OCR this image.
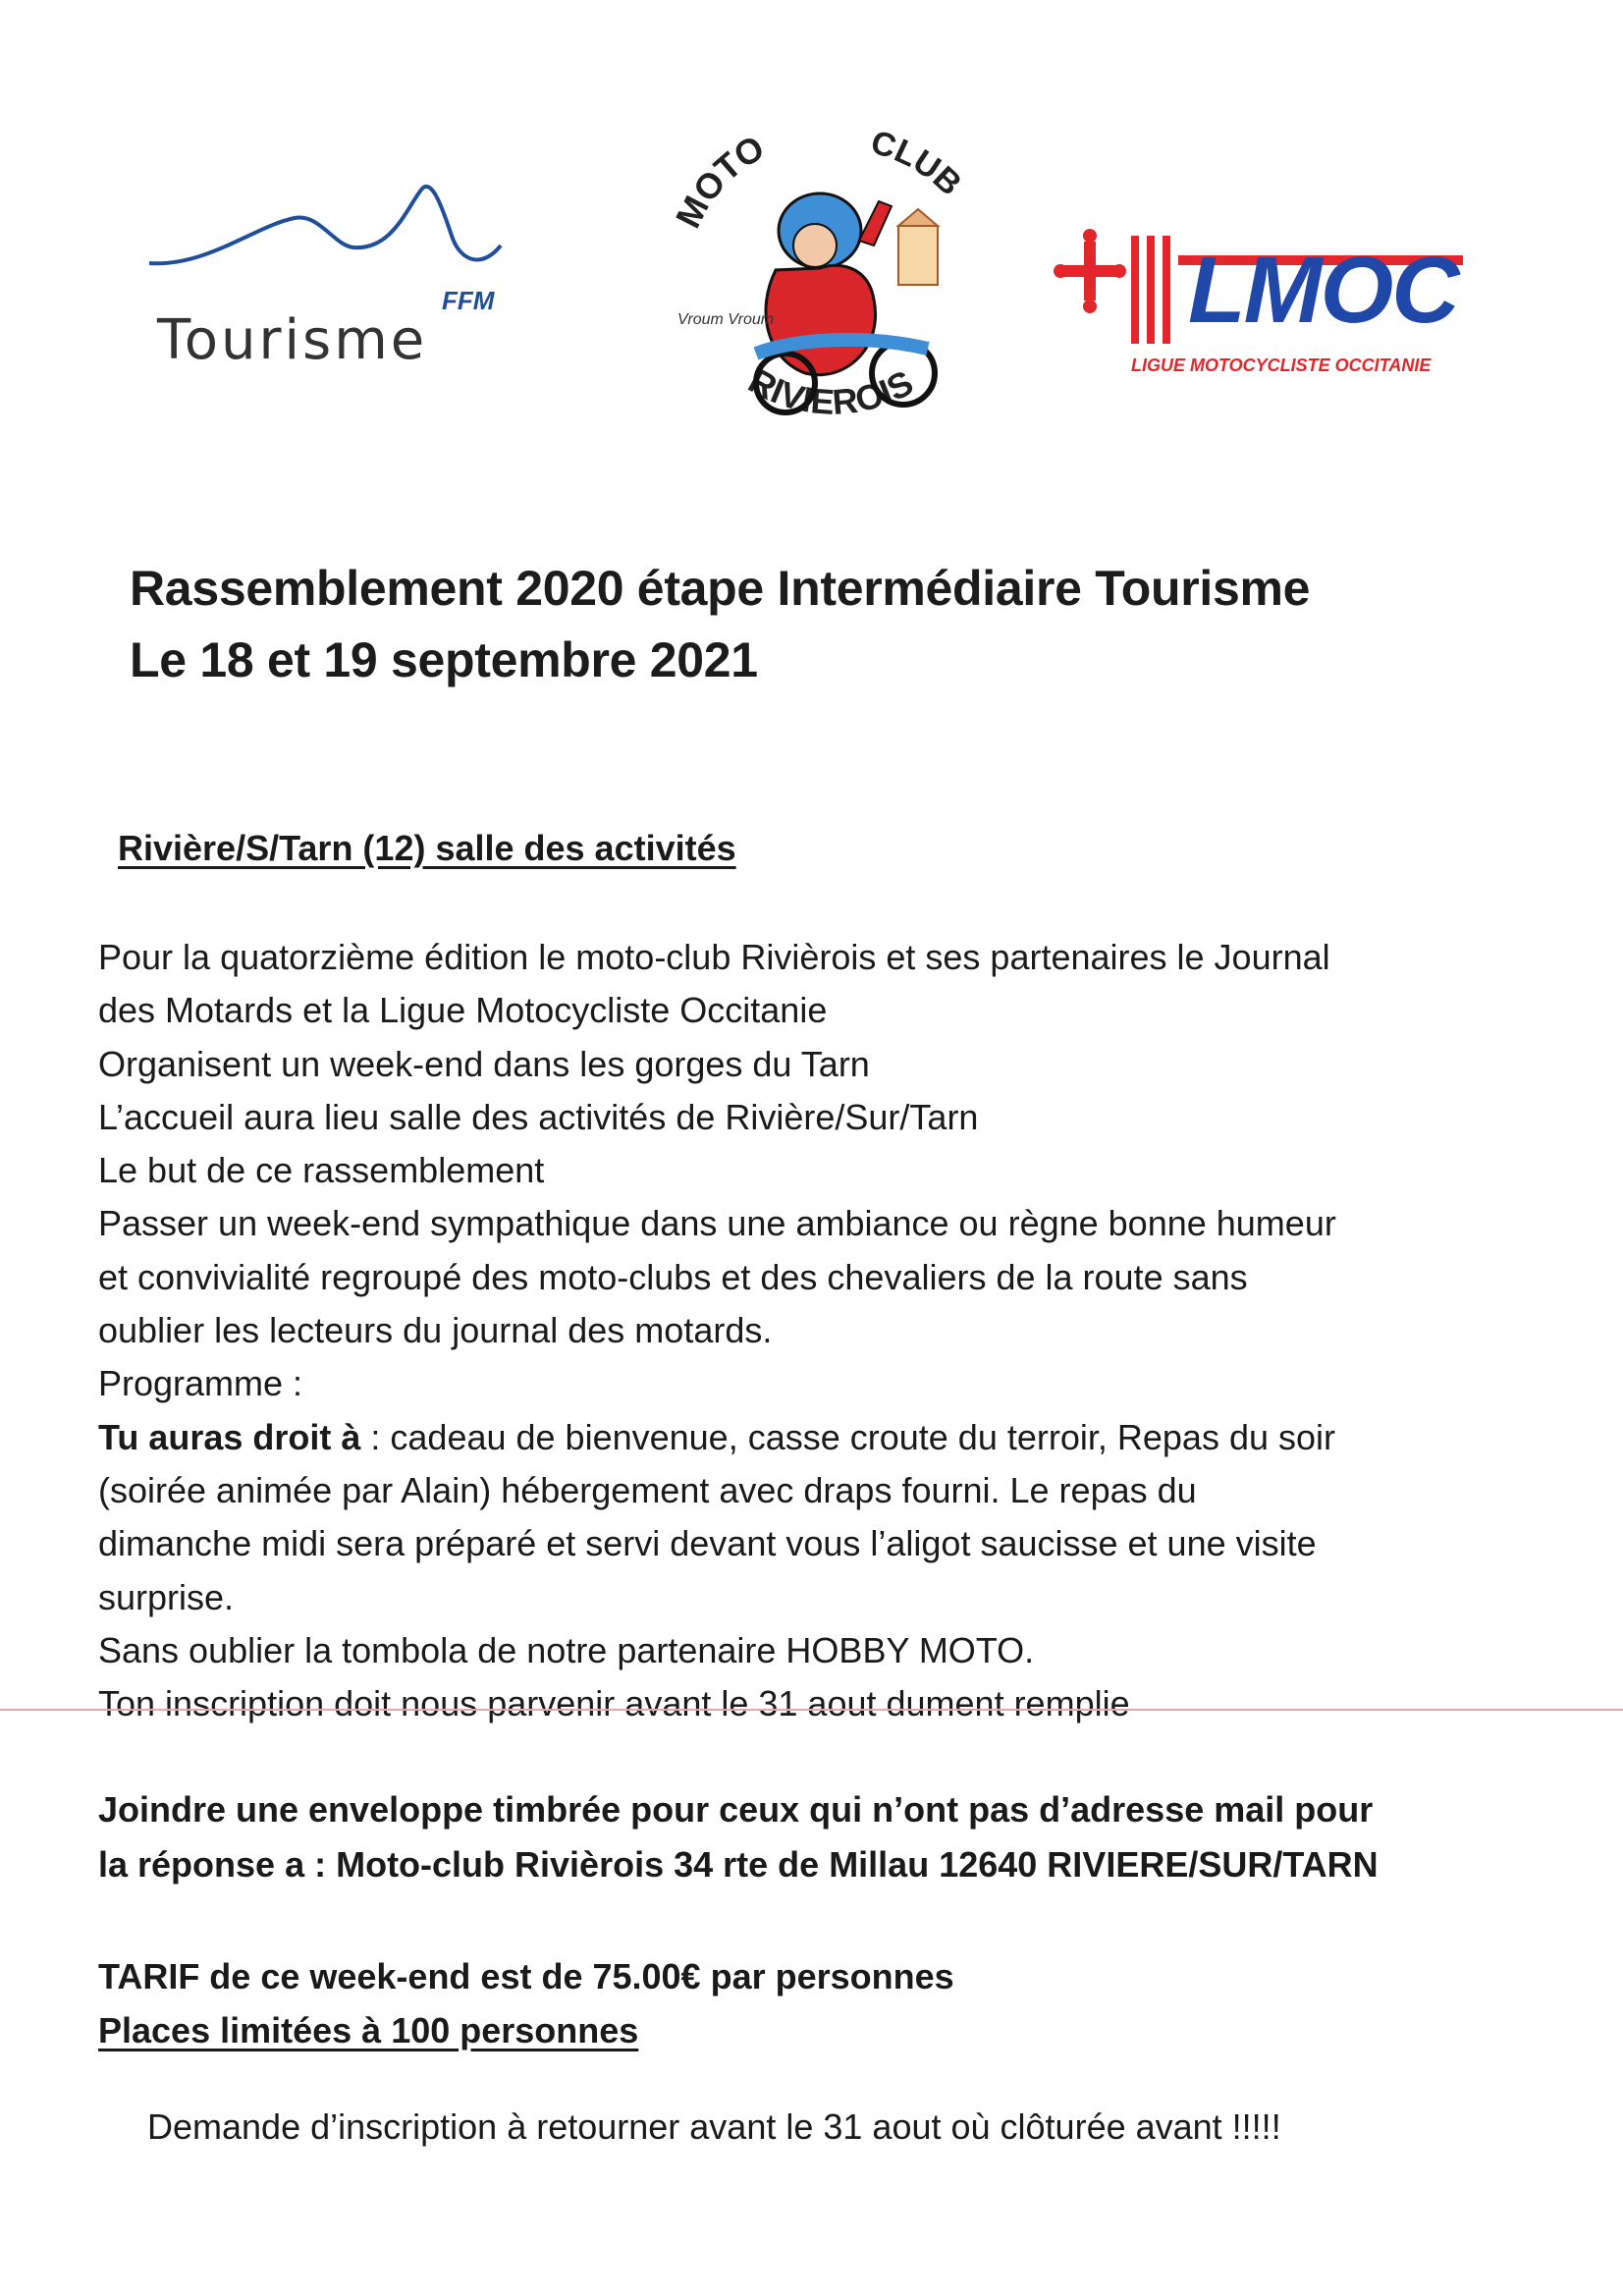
FFM
Tourisme
MOTO	CLUB
RIVIEROIS
Vroum Vroum	LMOC
LIGUE MOTOCYCLISTE OCCITANIE
Rassemblement 2020 étape Intermédiaire Tourisme
Le 18 et 19 septembre 2021
Rivière/S/Tarn (12) salle des activités
Pour la quatorzième édition le moto-club Rivièrois et ses partenaires le Journal
des Motards et la Ligue Motocycliste Occitanie
Organisent un week-end dans les gorges du Tarn
L’accueil aura lieu salle des activités de Rivière/Sur/Tarn
Le but de ce rassemblement
Passer un week-end sympathique dans une ambiance ou règne bonne humeur
et convivialité regroupé des moto-clubs et des chevaliers de la route sans
oublier les lecteurs du journal des motards.
Programme :
Tu auras droit à : cadeau de bienvenue, casse croute du terroir, Repas du soir
(soirée animée par Alain) hébergement avec draps fourni. Le repas du
dimanche midi sera préparé et servi devant vous l’aligot saucisse et une visite
surprise.
Sans oublier la tombola de notre partenaire HOBBY MOTO.
Ton inscription doit nous parvenir avant le 31 aout dument remplie
Joindre une enveloppe timbrée pour ceux qui n’ont pas d’adresse mail pour
la réponse a : Moto-club Rivièrois 34 rte de Millau 12640 RIVIERE/SUR/TARN
TARIF de ce week-end est de 75.00€ par personnes
Places limitées à 100 personnes
Demande d’inscription à retourner avant le 31 aout où clôturée avant !!!!!
